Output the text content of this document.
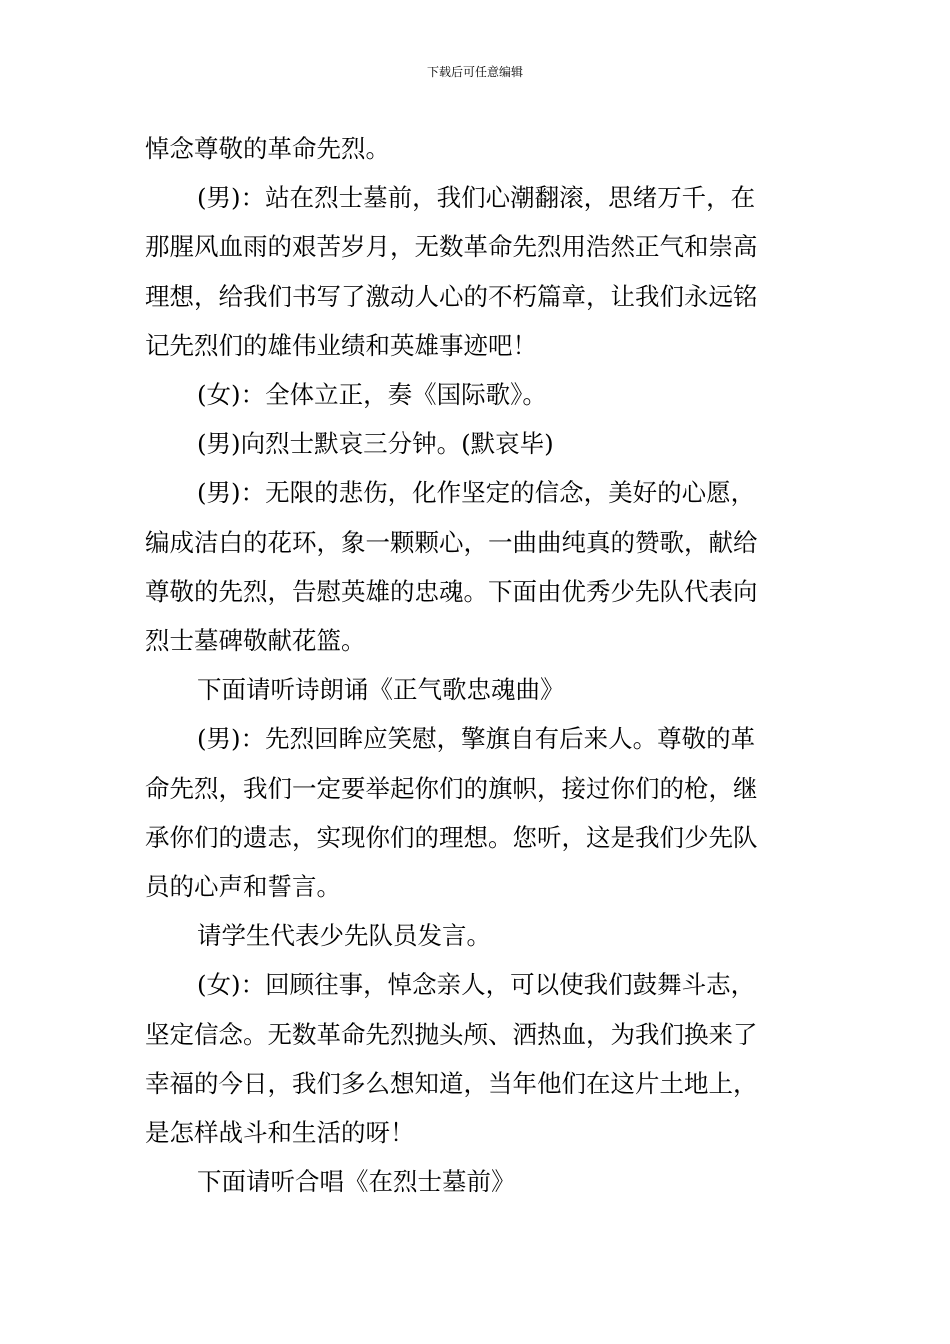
下载后可任意编辑

悼念尊敬的革命先烈。

(男)：站在烈士墓前，我们心潮翻滚，思绪万千，在

那腥风血雨的艰苦岁月，无数革命先烈用浩然正气和崇高

理想，给我们书写了激动人心的不朽篇章，让我们永远铭

记先烈们的雄伟业绩和英雄事迹吧！

(女)：全体立正，奏《国际歌》。

(男)向烈士默哀三分钟。(默哀毕)

(男)：无限的悲伤，化作坚定的信念，美好的心愿，

编成洁白的花环，象一颗颗心，一曲曲纯真的赞歌，献给

尊敬的先烈，告慰英雄的忠魂。下面由优秀少先队代表向

烈士墓碑敬献花篮。

下面请听诗朗诵《正气歌忠魂曲》

(男)：先烈回眸应笑慰，擎旗自有后来人。尊敬的革

命先烈，我们一定要举起你们的旗帜，接过你们的枪，继

承你们的遗志，实现你们的理想。您听，这是我们少先队

员的心声和誓言。

请学生代表少先队员发言。

(女)：回顾往事，悼念亲人，可以使我们鼓舞斗志，

坚定信念。无数革命先烈抛头颅、洒热血，为我们换来了

幸福的今日，我们多么想知道，当年他们在这片土地上，

是怎样战斗和生活的呀！

下面请听合唱《在烈士墓前》
